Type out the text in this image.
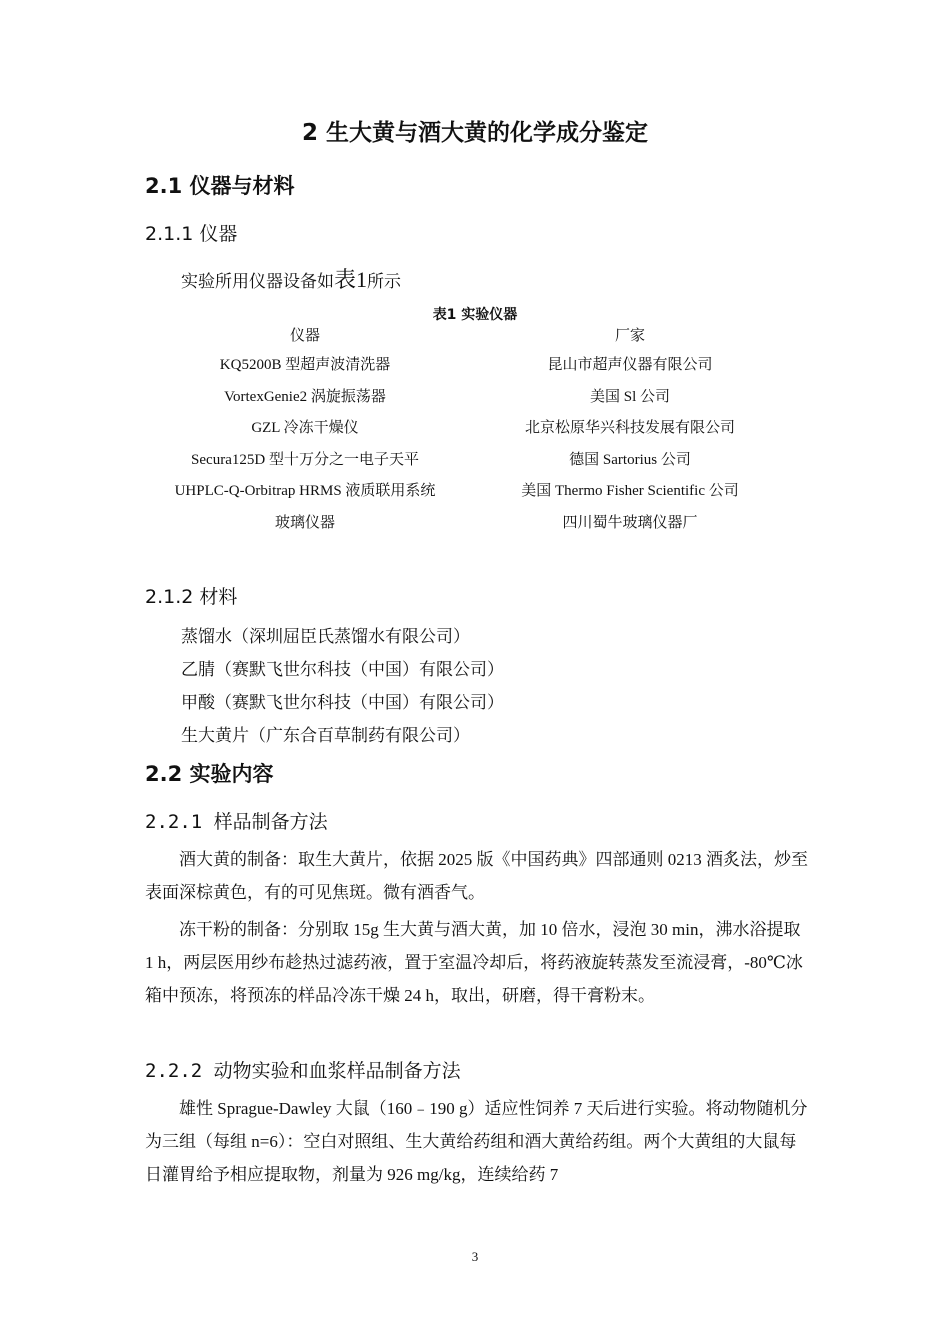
2 生大黄与酒大黄的化学成分鉴定
2.1 仪器与材料
2.1.1 仪器
实验所用仪器设备如表1所示
表1 实验仪器
仪器	厂家
KQ5200B 型超声波清洗器	昆山市超声仪器有限公司
VortexGenie2 涡旋振荡器	美国 Sl 公司
GZL 冷冻干燥仪	北京松原华兴科技发展有限公司
Secura125D 型十万分之一电子天平	德国 Sartorius 公司
UHPLC-Q-Orbitrap HRMS 液质联用系统	美国 Thermo Fisher Scientific 公司
玻璃仪器	四川蜀牛玻璃仪器厂
2.1.2 材料
蒸馏水（深圳屈臣氏蒸馏水有限公司）
乙腈（赛默飞世尔科技（中国）有限公司）
甲酸（赛默飞世尔科技（中国）有限公司）
生大黄片（广东合百草制药有限公司）
2.2 实验内容
2.2.1 样品制备方法
酒大黄的制备：取生大黄片，依据 2025 版《中国药典》四部通则 0213 酒炙法，炒至表面深棕黄色，有的可见焦斑。微有酒香气。
冻干粉的制备：分别取 15g 生大黄与酒大黄，加 10 倍水，浸泡 30 min，沸水浴提取 1 h，两层医用纱布趁热过滤药液，置于室温冷却后，将药液旋转蒸发至流浸膏，-80℃冰箱中预冻，将预冻的样品冷冻干燥 24 h，取出，研磨，得干膏粉末。
2.2.2 动物实验和血浆样品制备方法
雄性 Sprague-Dawley 大鼠（160﹣190 g）适应性饲养 7 天后进行实验。将动物随机分为三组（每组 n=6）：空白对照组、生大黄给药组和酒大黄给药组。两个大黄组的大鼠每日灌胃给予相应提取物，剂量为 926 mg/kg，连续给药 7
3
